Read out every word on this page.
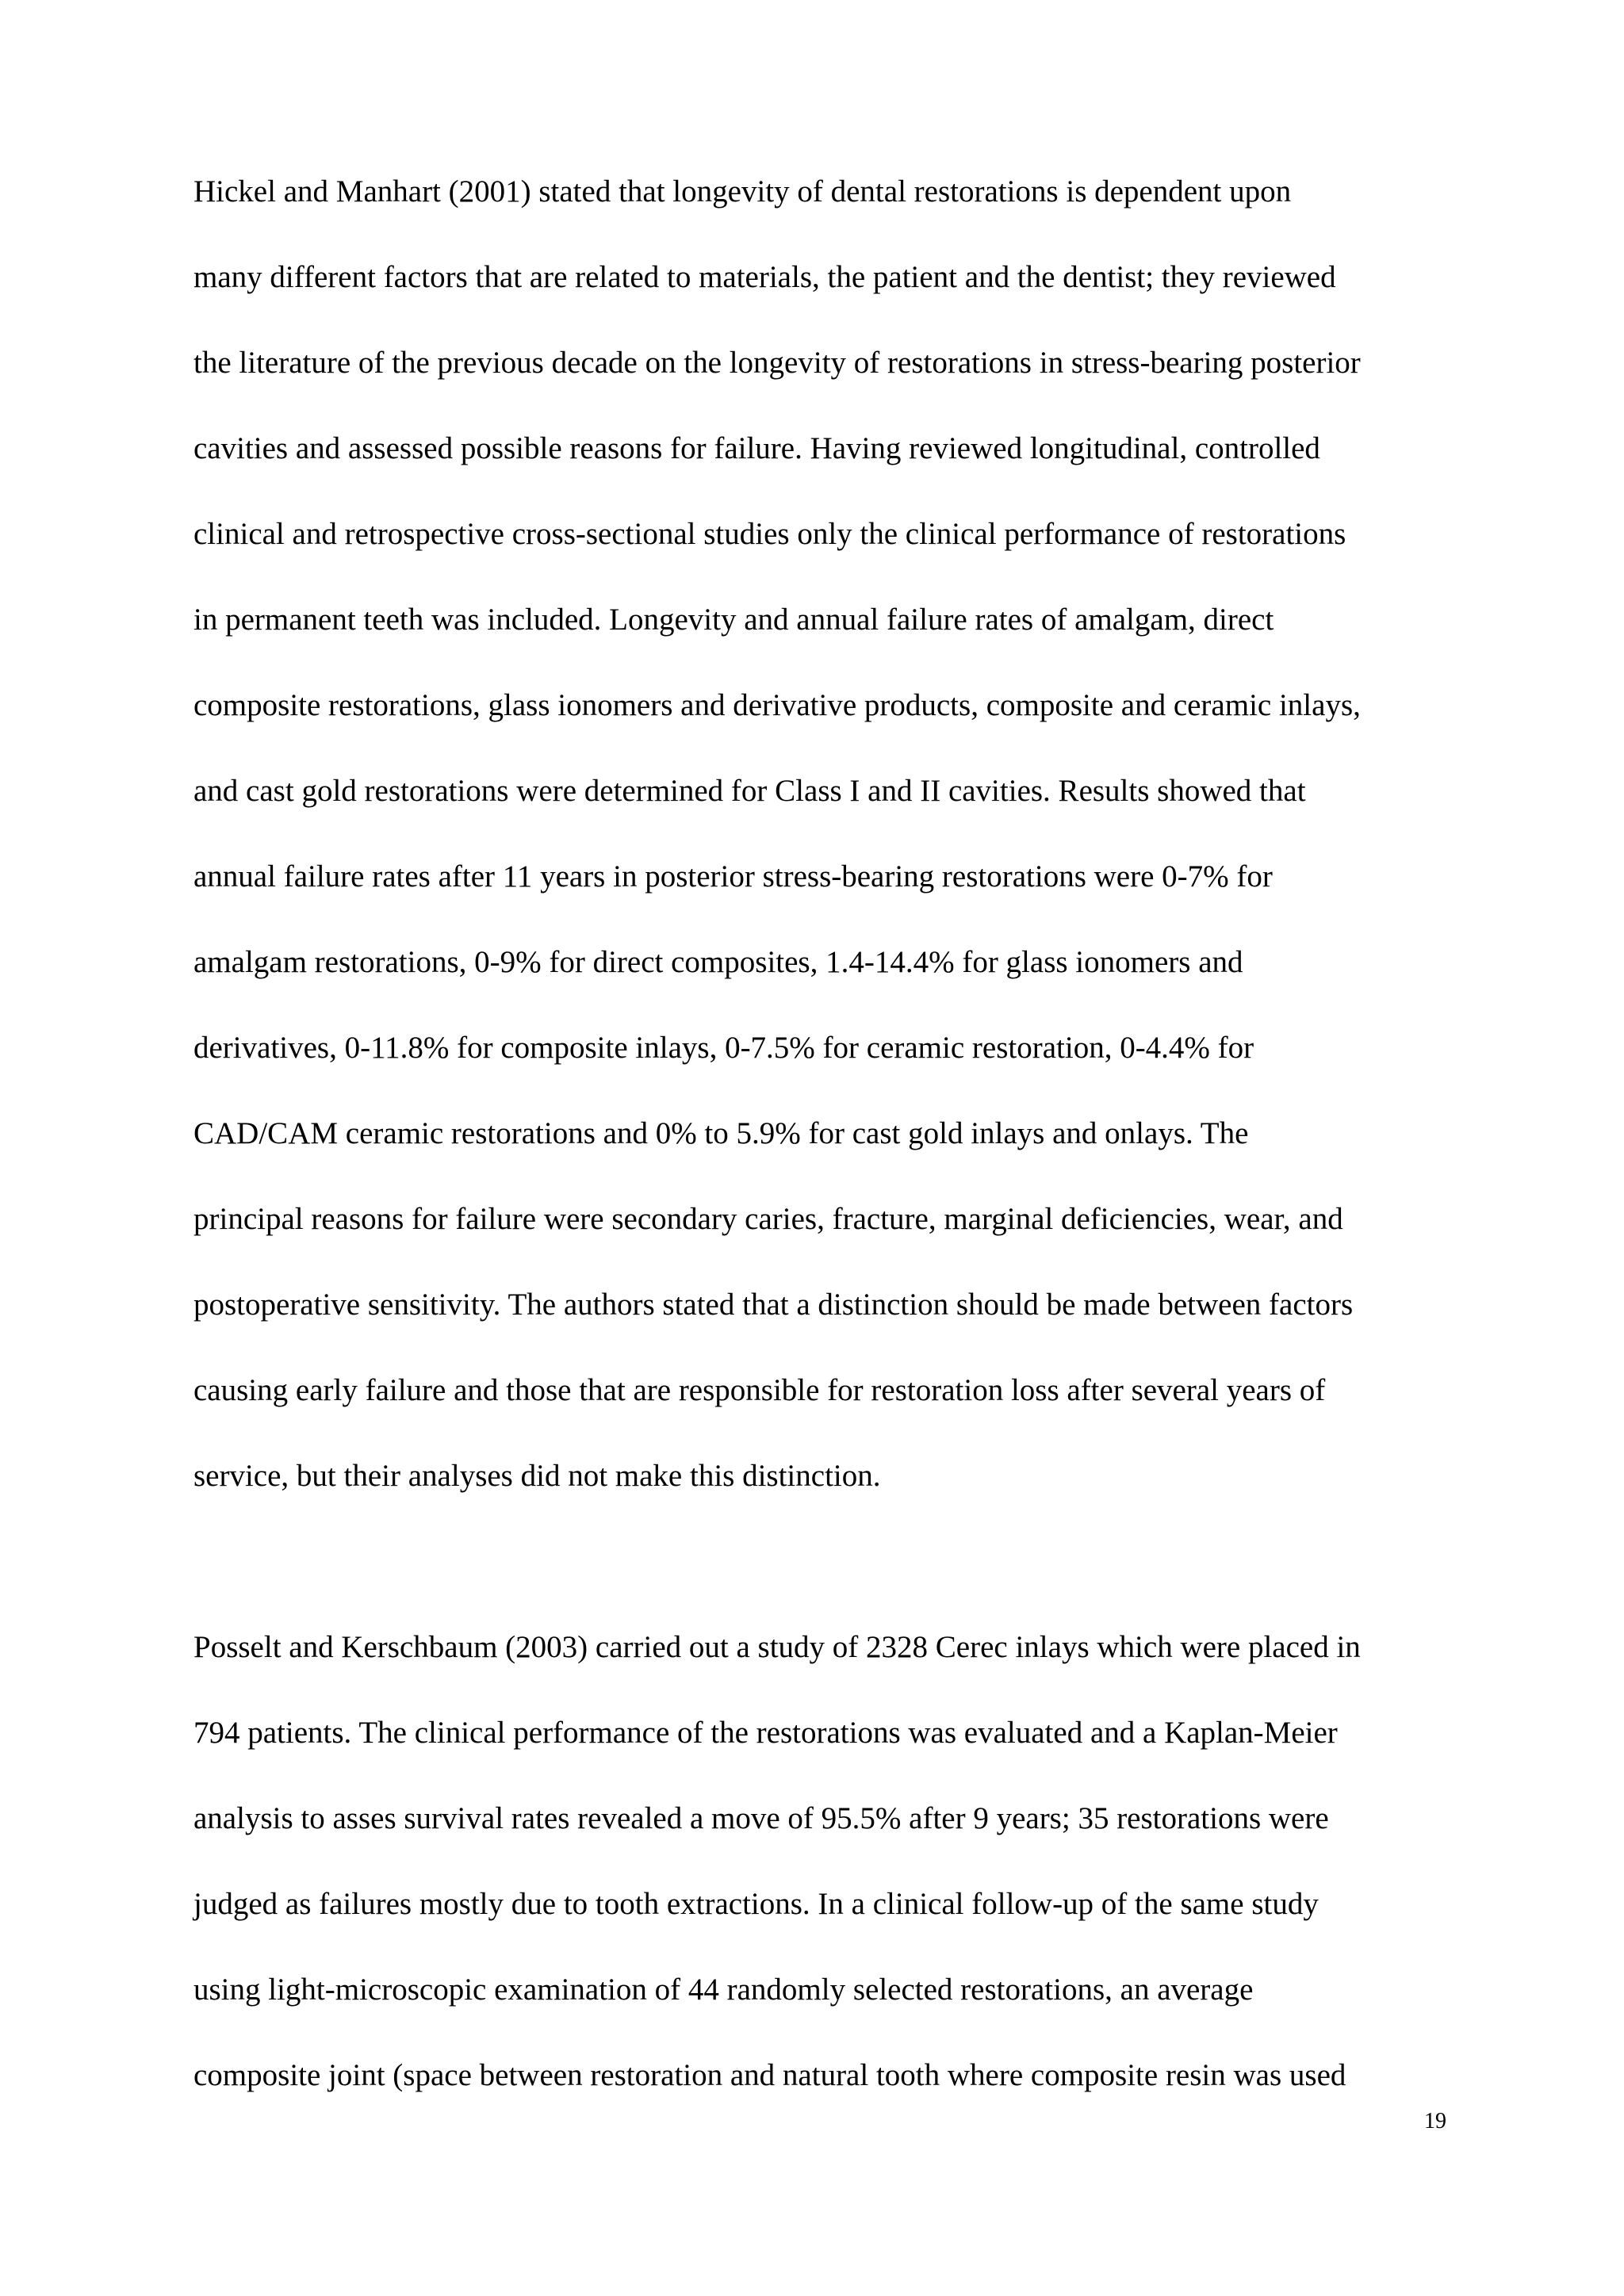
Hickel and Manhart (2001) stated that longevity of dental restorations is dependent upon
many different factors that are related to materials, the patient and the dentist; they reviewed
the literature of the previous decade on the longevity of restorations in stress-bearing posterior
cavities and assessed possible reasons for failure. Having reviewed longitudinal, controlled
clinical and retrospective cross-sectional studies only the clinical performance of restorations
in permanent teeth was included. Longevity and annual failure rates of amalgam, direct
composite restorations, glass ionomers and derivative products, composite and ceramic inlays,
and cast gold restorations were determined for Class I and II cavities. Results showed that
annual failure rates after 11 years in posterior stress-bearing restorations were 0-7% for
amalgam restorations, 0-9% for direct composites, 1.4-14.4% for glass ionomers and
derivatives, 0-11.8% for composite inlays, 0-7.5% for ceramic restoration, 0-4.4% for
CAD/CAM ceramic restorations and 0% to 5.9% for cast gold inlays and onlays. The
principal reasons for failure were secondary caries, fracture, marginal deficiencies, wear, and
postoperative sensitivity. The authors stated that a distinction should be made between factors
causing early failure and those that are responsible for restoration loss after several years of
service, but their analyses did not make this distinction.
Posselt and Kerschbaum (2003) carried out a study of 2328 Cerec inlays which were placed in
794 patients. The clinical performance of the restorations was evaluated and a Kaplan-Meier
analysis to asses survival rates revealed a move of 95.5% after 9 years; 35 restorations were
judged as failures mostly due to tooth extractions. In a clinical follow-up of the same study
using light-microscopic examination of 44 randomly selected restorations, an average
composite joint (space between restoration and natural tooth where composite resin was used
19
